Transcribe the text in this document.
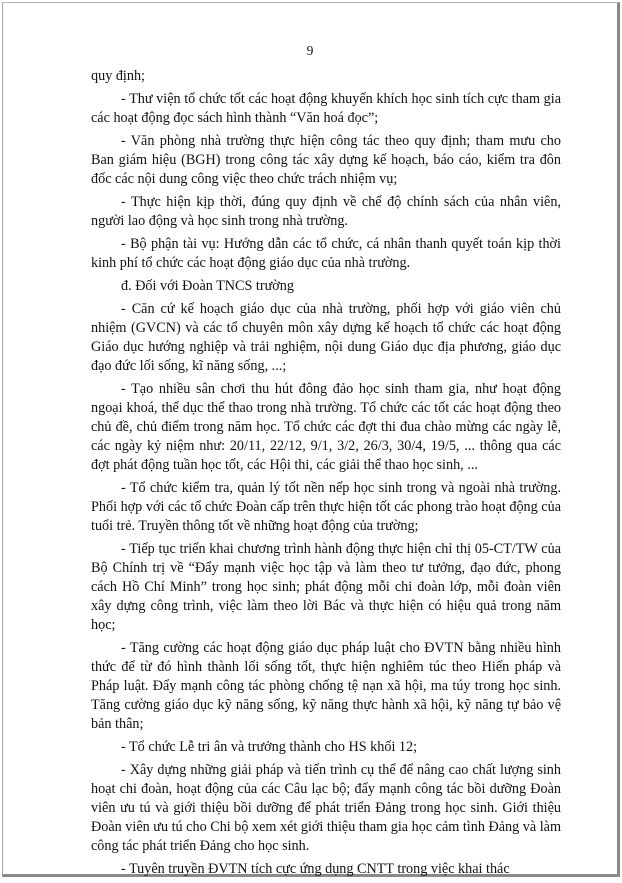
9

quy định;

- Thư viện tổ chức tốt các hoạt động khuyến khích học sinh tích cực tham gia các hoạt động đọc sách hình thành “Văn hoá đọc”;

- Văn phòng nhà trường thực hiện công tác theo quy định; tham mưu cho Ban giám hiệu (BGH) trong công tác xây dựng kế hoạch, báo cáo, kiểm tra đôn đốc các nội dung công việc theo chức trách nhiệm vụ;

- Thực hiện kịp thời, đúng quy định về chế độ chính sách của nhân viên, người lao động và học sinh trong nhà trường.

- Bộ phận tài vụ: Hướng dẫn các tổ chức, cá nhân thanh quyết toán kịp thời kinh phí tổ chức các hoạt động giáo dục của nhà trường.

đ. Đối với Đoàn TNCS trường

- Căn cứ kế hoạch giáo dục của nhà trường, phối hợp với giáo viên chủ nhiệm (GVCN) và các tổ chuyên môn xây dựng kế hoạch tổ chức các hoạt động Giáo dục hướng nghiệp và trải nghiệm, nội dung Giáo dục địa phương, giáo dục đạo đức lối sống, kĩ năng sống, ...;

- Tạo nhiều sân chơi thu hút đông đảo học sinh tham gia, như hoạt động ngoại khoá, thể dục thể thao trong nhà trường. Tổ chức các tốt các hoạt động theo chủ đề, chủ điểm trong năm học. Tổ chức các đợt thi đua chào mừng các ngày lễ, các ngày kỷ niệm như: 20/11, 22/12, 9/1, 3/2, 26/3, 30/4, 19/5, ... thông qua các đợt phát động tuần học tốt, các Hội thi, các giải thể thao học sinh, ...

- Tổ chức kiểm tra, quản lý tốt nền nếp học sinh trong và ngoài nhà trường. Phối hợp với các tổ chức Đoàn cấp trên thực hiện tốt các phong trào hoạt động của tuổi trẻ. Truyền thông tốt về những hoạt động của trường;

- Tiếp tục triển khai chương trình hành động thực hiện chỉ thị 05-CT/TW của Bộ Chính trị về “Đẩy mạnh việc học tập và làm theo tư tưởng, đạo đức, phong cách Hồ Chí Minh” trong học sinh; phát động mỗi chi đoàn lớp, mỗi đoàn viên xây dựng công trình, việc làm theo lời Bác và thực hiện có hiệu quả trong năm học;

- Tăng cường các hoạt động giáo dục pháp luật cho ĐVTN bằng nhiều hình thức để từ đó hình thành lối sống tốt, thực hiện nghiêm túc theo Hiến pháp và Pháp luật. Đẩy mạnh công tác phòng chống tệ nạn xã hội, ma túy trong học sinh. Tăng cường giáo dục kỹ năng sống, kỹ năng thực hành xã hội, kỹ năng tự bảo vệ bản thân;

- Tổ chức Lễ tri ân và trưởng thành cho HS khối 12;

- Xây dựng những giải pháp và tiến trình cụ thể để nâng cao chất lượng sinh hoạt chi đoàn, hoạt động của các Câu lạc bộ; đẩy mạnh công tác bồi dưỡng Đoàn viên ưu tú và giới thiệu bồi dưỡng để phát triển Đảng trong học sinh. Giới thiệu Đoàn viên ưu tú cho Chi bộ xem xét giới thiệu tham gia học cảm tình Đảng và làm công tác phát triển Đảng cho học sinh.

- Tuyên truyền ĐVTN tích cực ứng dụng CNTT trong việc khai thác
